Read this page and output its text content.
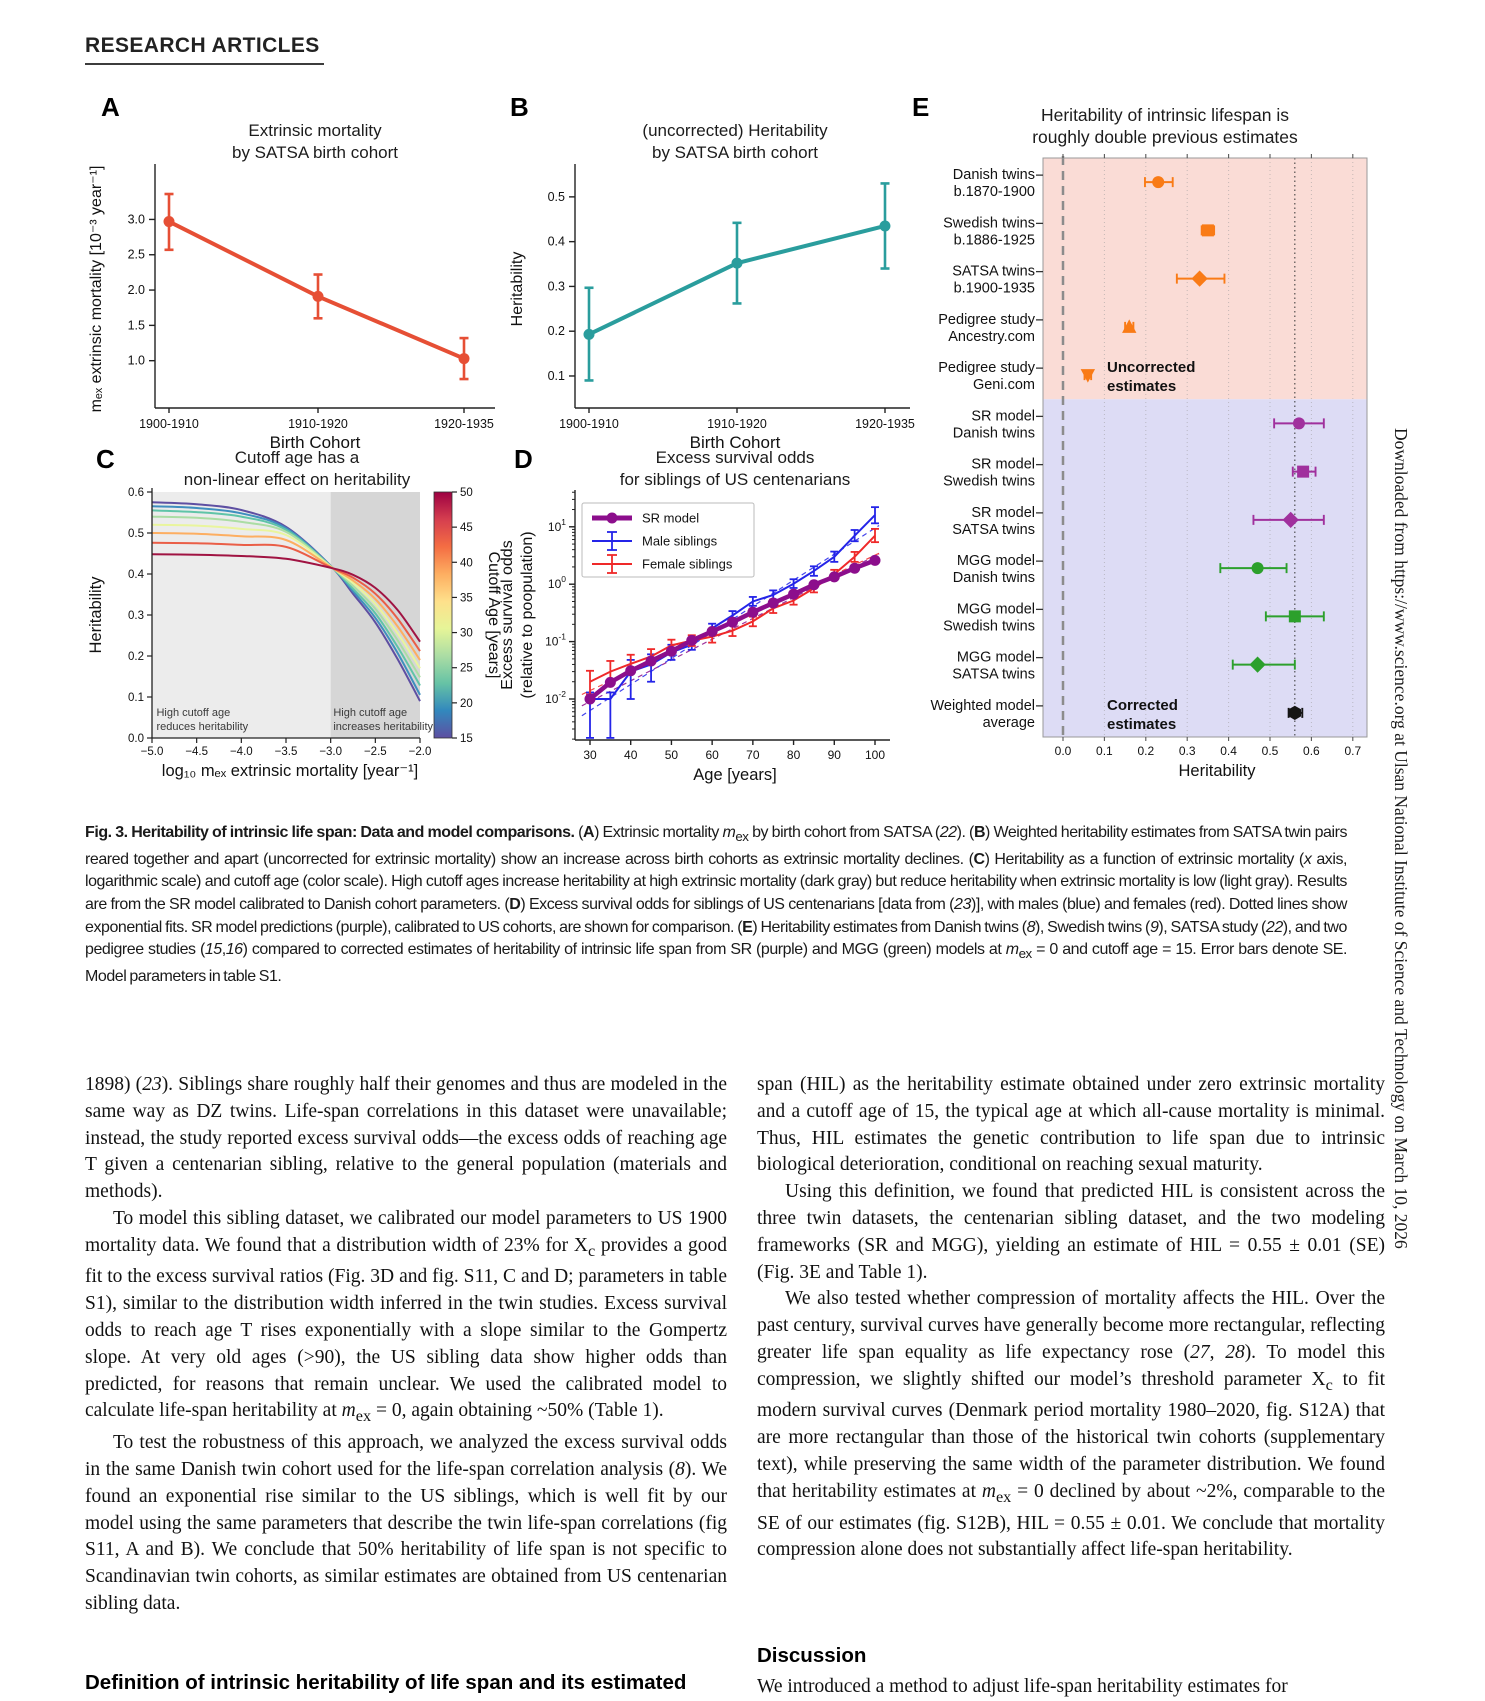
RESEARCH ARTICLES
A	B
C	D
E
Extrinsic mortality
by SATSA birth cohort
1.0
1.5
2.0
2.5
3.0
1900-1910	1910-1920	1920-1935
Birth Cohort
mₑₓ extrinsic mortality [10⁻³ year⁻¹]
(uncorrected) Heritability
by SATSA birth cohort
0.1
0.2
0.3
0.4
0.5
1900-1910	1910-1920	1920-1935
Birth Cohort
Heritability
Cutoff age has a
non-linear effect on heritability
0.0
0.1
0.2
0.3
0.4
0.5
0.6
−5.0 −4.5 −4.0 −3.5 −3.0 −2.5 −2.0
log₁₀ mₑₓ extrinsic mortality [year⁻¹]
Heritability
High cutoff age
reduces heritability
High cutoff age
increases heritability
15
20
25
30
35
40
45
50
Cutoff Age [years]
Excess survival odds
for siblings of US centenarians
$10^{-2}$
$10^{-1}$
$10^0$
$10^1$
30 40 50 60 70 80 90 100
Age [years]
Excess survival odds (relative to poopulation)
SR model
Male siblings
Female siblings
Heritability of intrinsic lifespan is
roughly double previous estimates
Danish twins
b.1870-1900
Swedish twins
b.1886-1925
SATSA twins
b.1900-1935
Pedigree study
Ancestry.com
Pedigree study
Geni.com
SR model
Danish twins
SR model
Swedish twins
SR model
SATSA twins
MGG model
Danish twins
MGG model
Swedish twins
MGG model
SATSA twins
Weighted model
average
Uncorrected
estimates
Corrected
estimates
0.0 0.1 0.2 0.3 0.4 0.5 0.6 0.7
Heritability
Fig. 3. Heritability of intrinsic life span: Data and model comparisons. (A) Extrinsic mortality $m_{ex}$ by birth cohort from SATSA (22). (B) Weighted heritability estimates from SATSA twin pairs reared together and apart (uncorrected for extrinsic mortality) show an increase across birth cohorts as extrinsic mortality declines. (C) Heritability as a function of extrinsic mortality (x axis, logarithmic scale) and cutoff age (color scale). High cutoff ages increase heritability at high extrinsic mortality (dark gray) but reduce heritability when extrinsic mortality is low (light gray). Results are from the SR model calibrated to Danish cohort parameters. (D) Excess survival odds for siblings of US centenarians [data from (23)], with males (blue) and females (red). Dotted lines show exponential fits. SR model predictions (purple), calibrated to US cohorts, are shown for comparison. (E) Heritability estimates from Danish twins (8), Swedish twins (9), SATSA study (22), and two pedigree studies (15,16) compared to corrected estimates of heritability of intrinsic life span from SR (purple) and MGG (green) models at $m_{ex} = 0$ and cutoff age = 15. Error bars denote SE. Model parameters in table S1.

1898) (23). Siblings share roughly half their genomes and thus are modeled in the same way as DZ twins. Life-span correlations in this dataset were unavailable; instead, the study reported excess survival odds—the excess odds of reaching age T given a centenarian sibling, relative to the general population (materials and methods).

To model this sibling dataset, we calibrated our model parameters to US 1900 mortality data. We found that a distribution width of 23% for $X_c$ provides a good fit to the excess survival ratios (Fig. 3D and fig. S11, C and D; parameters in table S1), similar to the distribution width inferred in the twin studies. Excess survival odds to reach age T rises exponentially with a slope similar to the Gompertz slope. At very old ages (>90), the US sibling data show higher odds than predicted, for reasons that remain unclear. We used the calibrated model to calculate life-span heritability at $m_{ex} = 0$, again obtaining ~50% (Table 1).

To test the robustness of this approach, we analyzed the excess survival odds in the same Danish twin cohort used for the life-span correlation analysis (8). We found an exponential rise similar to the US siblings, which is well fit by our model using the same parameters that describe the twin life-span correlations (fig S11, A and B). We conclude that 50% heritability of life span is not specific to Scandinavian twin cohorts, as similar estimates are obtained from US centenarian sibling data.

Definition of intrinsic heritability of life span and its estimated

span (HIL) as the heritability estimate obtained under zero extrinsic mortality and a cutoff age of 15, the typical age at which all-cause mortality is minimal. Thus, HIL estimates the genetic contribution to life span due to intrinsic biological deterioration, conditional on reaching sexual maturity.

Using this definition, we found that predicted HIL is consistent across the three twin datasets, the centenarian sibling dataset, and the two modeling frameworks (SR and MGG), yielding an estimate of HIL = 0.55 ± 0.01 (SE) (Fig. 3E and Table 1).

We also tested whether compression of mortality affects the HIL. Over the past century, survival curves have generally become more rectangular, reflecting greater life span equality as life expectancy rose (27, 28). To model this compression, we slightly shifted our model’s threshold parameter $X_c$ to fit modern survival curves (Denmark period mortality 1980–2020, fig. S12A) that are more rectangular than those of the historical twin cohorts (supplementary text), while preserving the same width of the parameter distribution. We found that heritability estimates at $m_{ex} = 0$ declined by about ~2%, comparable to the SE of our estimates (fig. S12B), HIL = 0.55 ± 0.01. We conclude that mortality compression alone does not substantially affect life-span heritability.

Discussion
We introduced a method to adjust life-span heritability estimates for
Downloaded from https://www.science.org at Ulsan National Institute of Science and Technology on March 10, 2026
